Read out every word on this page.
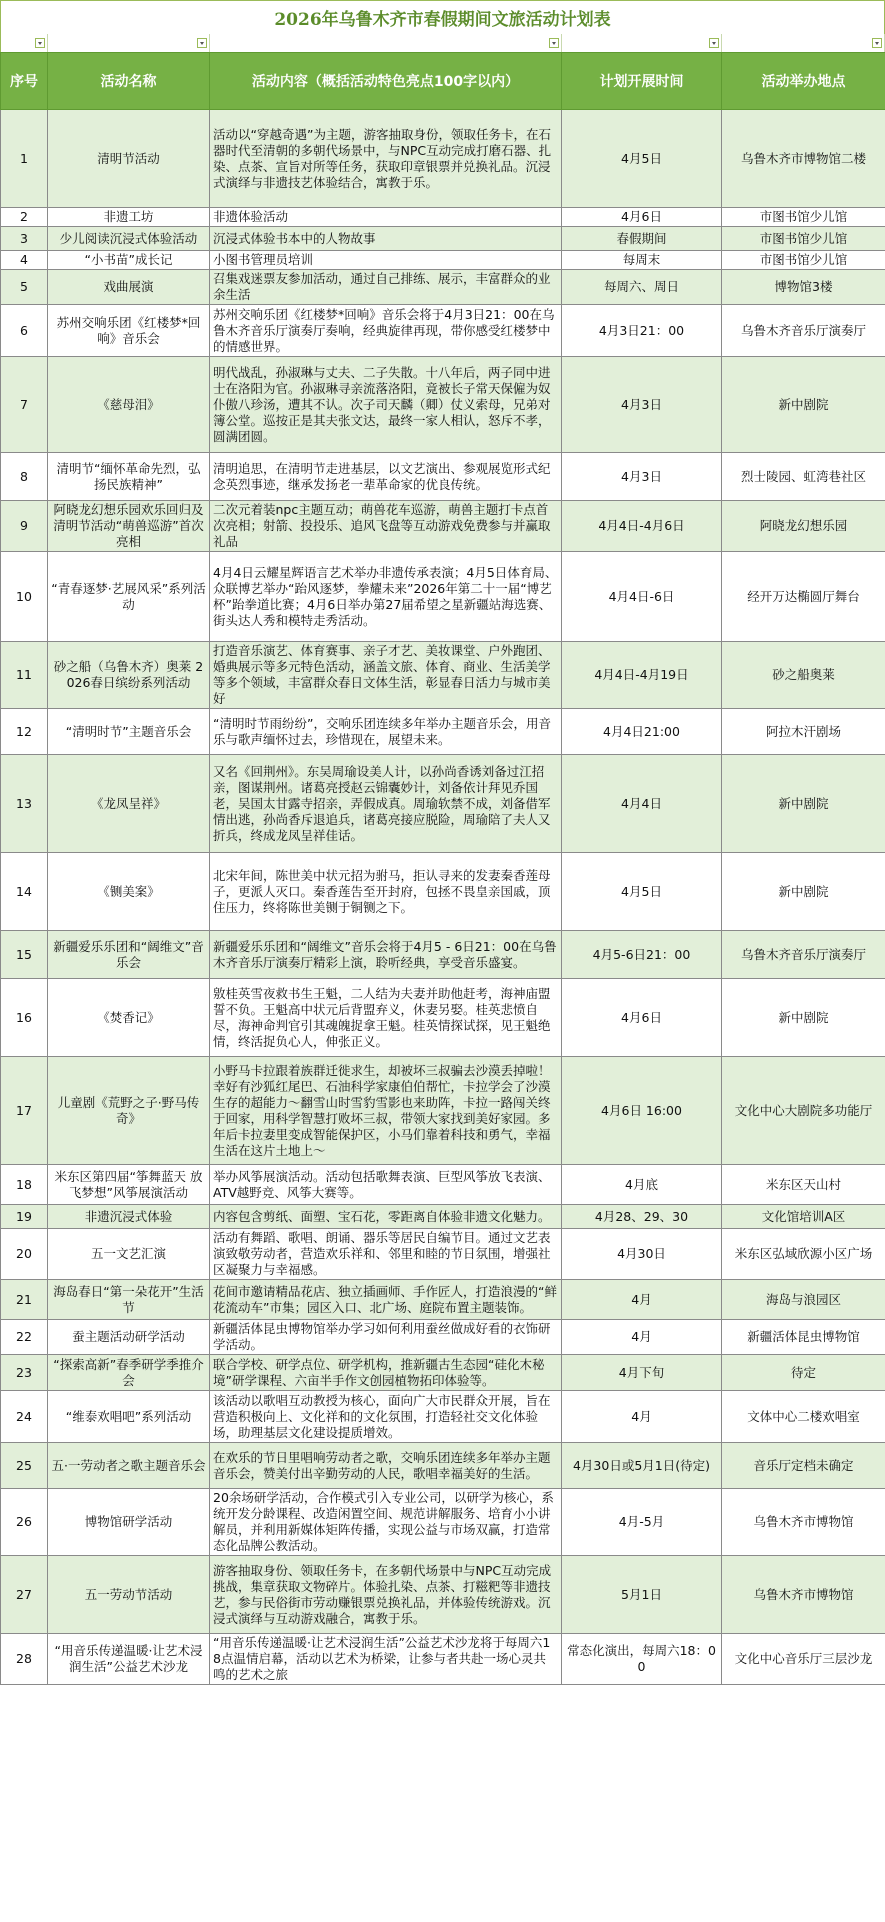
2026年乌鲁木齐市春假期间文旅活动计划表
序号	活动名称	活动内容（概括活动特色亮点100字以内）	计划开展时间	活动举办地点
1	清明节活动	活动以“穿越奇遇”为主题，游客抽取身份，领取任务卡，在石器时代至清朝的多朝代场景中，与NPC互动完成打磨石器、扎染、点茶、宣旨对所等任务，获取印章银票并兑换礼品。沉浸式演绎与非遗技艺体验结合，寓教于乐。	4月5日	乌鲁木齐市博物馆二楼
2	非遗工坊	非遗体验活动	4月6日	市图书馆少儿馆
3	少儿阅读沉浸式体验活动	沉浸式体验书本中的人物故事	春假期间	市图书馆少儿馆
4	“小书苗”成长记	小图书管理员培训	每周末	市图书馆少儿馆
5	戏曲展演	召集戏迷票友参加活动，通过自己排练、展示，丰富群众的业余生活	每周六、周日	博物馆3楼
6	苏州交响乐团《红楼梦*回响》音乐会	苏州交响乐团《红楼梦*回响》音乐会将于4月3日21：00在乌鲁木齐音乐厅演奏厅奏响，经典旋律再现，带你感受红楼梦中的情感世界。	4月3日21：00	乌鲁木齐音乐厅演奏厅
7	《慈母泪》	明代战乱，孙淑琳与丈夫、二子失散。十八年后，两子同中进士在洛阳为官。孙淑琳寻亲流落洛阳，竟被长子常天保僱为奴仆傲八珍汤，遭其不认。次子司天麟（卿）仗义索母，兄弟对簿公堂。巡按正是其夫张文达，最终一家人相认，怒斥不孝，圆满团圆。	4月3日	新中剧院
8	清明节“缅怀革命先烈，弘扬民族精神”	清明追思，在清明节走进基层，以文艺演出、参观展览形式纪念英烈事迹，继承发扬老一辈革命家的优良传统。	4月3日	烈士陵园、虹湾巷社区
9	阿晓龙幻想乐园欢乐回归及清明节活动“萌兽巡游”首次亮相	二次元着装npc主题互动；萌兽花车巡游，萌兽主题打卡点首次亮相；射箭、投投乐、追风飞盘等互动游戏免费参与并赢取礼品	4月4日-4月6日	阿晓龙幻想乐园
10	“青春逐梦·艺展风采”系列活动	4月4日云耀星辉语言艺术举办非遗传承表演；4月5日体育局、众联博艺举办“跆风逐梦，拳耀未来”2026年第二十一届“博艺杯”跆拳道比赛；4月6日举办第27届希望之星新疆站海选赛、街头达人秀和模特走秀活动。	4月4日-6日	经开万达椭圆厅舞台
11	砂之船（乌鲁木齐）奥莱 2026春日缤纷系列活动	打造音乐演艺、体育赛事、亲子才艺、美妆课堂、户外跑团、婚典展示等多元特色活动，涵盖文旅、体育、商业、生活美学等多个领域，丰富群众春日文体生活，彰显春日活力与城市美好	4月4日-4月19日	砂之船奥莱
12	“清明时节”主题音乐会	“清明时节雨纷纷”，交响乐团连续多年举办主题音乐会，用音乐与歌声缅怀过去，珍惜现在，展望未来。	4月4日21:00	阿拉木汗剧场
13	《龙凤呈祥》	又名《回荆州》。东吴周瑜设美人计，以孙尚香诱刘备过江招亲，图谋荆州。诸葛亮授赵云锦囊妙计，刘备依计拜见乔国老，吴国太甘露寺招亲，弄假成真。周瑜软禁不成，刘备借军情出逃，孙尚香斥退追兵，诸葛亮接应脱险，周瑜陪了夫人又折兵，终成龙凤呈祥佳话。	4月4日	新中剧院
14	《铡美案》	北宋年间，陈世美中状元招为驸马，拒认寻来的发妻秦香莲母子，更派人灭口。秦香莲告至开封府，包拯不畏皇亲国戚，顶住压力，终将陈世美铡于铜铡之下。	4月5日	新中剧院
15	新疆爱乐乐团和“阔维文”音乐会	新疆爱乐乐团和“阔维文”音乐会将于4月5 - 6日21：00在乌鲁木齐音乐厅演奏厅精彩上演，聆听经典，享受音乐盛宴。	4月5-6日21：00	乌鲁木齐音乐厅演奏厅
16	《焚香记》	敫桂英雪夜救书生王魁，二人结为夫妻并助他赶考，海神庙盟誓不负。王魁高中状元后背盟弃义，休妻另娶。桂英悲愤自尽，海神命判官引其魂魄捉拿王魁。桂英情探试探，见王魁绝情，终活捉负心人，伸张正义。	4月6日	新中剧院
17	儿童剧《荒野之子·野马传奇》	小野马卡拉跟着族群迁徙求生，却被坏三叔骗去沙漠丢掉啦！幸好有沙狐红尾巴、石油科学家康伯伯帮忙，卡拉学会了沙漠生存的超能力～翻雪山时雪豹雪影也来助阵，卡拉一路闯关终于回家，用科学智慧打败坏三叔，带领大家找到美好家园。多年后卡拉妻里变成智能保护区，小马们靠着科技和勇气，幸福生活在这片土地上～	4月6日 16:00	文化中心大剧院多功能厅
18	米东区第四届“筝舞蓝天 放飞梦想”风筝展演活动	举办风筝展演活动。活动包括歌舞表演、巨型风筝放飞表演、ATV越野竞、风筝大赛等。	4月底	米东区天山村
19	非遗沉浸式体验	内容包含剪纸、面塑、宝石花，零距离自体验非遗文化魅力。	4月28、29、30	文化馆培训A区
20	五一文艺汇演	活动有舞蹈、歌唱、朗诵、器乐等居民自编节目。通过文艺表演致敬劳动者，营造欢乐祥和、邻里和睦的节日氛围，增强社区凝聚力与幸福感。	4月30日	米东区弘域欣源小区广场
21	海岛春日“第一朵花开”生活节	花间市邀请精品花店、独立插画师、手作匠人，打造浪漫的“鲜花流动车”市集；园区入口、北广场、庭院布置主题装饰。	4月	海岛与浪园区
22	蚕主题活动研学活动	新疆活体昆虫博物馆举办学习如何利用蚕丝做成好看的衣饰研学活动。	4月	新疆活体昆虫博物馆
23	“探索高新”春季研学季推介会	联合学校、研学点位、研学机构，推新疆古生态园“硅化木秘境”研学课程、六亩半手作文创园植物拓印体验等。	4月下旬	待定
24	“维泰欢唱吧”系列活动	该活动以歌唱互动教授为核心，面向广大市民群众开展，旨在营造积极向上、文化祥和的文化氛围，打造轻社交文化体验场，助理基层文化建设提质增效。	4月	文体中心二楼欢唱室
25	五·一劳动者之歌主题音乐会	在欢乐的节日里唱响劳动者之歌，交响乐团连续多年举办主题音乐会，赞美付出辛勤劳动的人民，歌唱幸福美好的生活。	4月30日或5月1日(待定)	音乐厅定档未确定
26	博物馆研学活动	20余场研学活动，合作模式引入专业公司，以研学为核心，系统开发分龄课程、改造闲置空间、规范讲解服务、培育小小讲解员，并利用新媒体矩阵传播，实现公益与市场双赢，打造常态化品牌公教活动。	4月-5月	乌鲁木齐市博物馆
27	五一劳动节活动	游客抽取身份、领取任务卡，在多朝代场景中与NPC互动完成挑战，集章获取文物碎片。体验扎染、点茶、打糍粑等非遗技艺，参与民俗街市劳动赚银票兑换礼品，并体验传统游戏。沉浸式演绎与互动游戏融合，寓教于乐。	5月1日	乌鲁木齐市博物馆
28	“用音乐传递温暖·让艺术浸润生活”公益艺术沙龙	“用音乐传递温暖·让艺术浸润生活”公益艺术沙龙将于每周六18点温情启幕，活动以艺术为桥梁，让参与者共赴一场心灵共鸣的艺术之旅	常态化演出，每周六18：00	文化中心音乐厅三层沙龙
